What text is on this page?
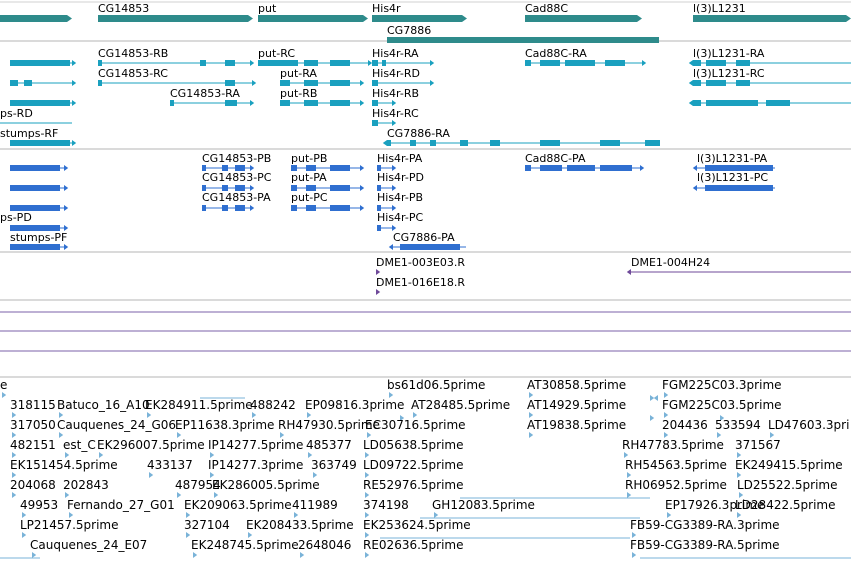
CG14853	put	His4r	Cad88C	l(3)L1231
CG7886
CG14853-RB	put-RC	His4r-RA	Cad88C-RA	l(3)L1231-RA
CG14853-RC	put-RA	His4r-RD	l(3)L1231-RC
CG14853-RA	put-RB	His4r-RB
ps-RD	His4r-RC
stumps-RF	CG7886-RA
CG14853-PB put-PB	His4r-PA	Cad88C-PA	l(3)L1231-PA
CG14853-PC put-PA	His4r-PD	l(3)L1231-PC
CG14853-PA put-PC	His4r-PB
ps-PD	His4r-PC
stumps-PF	CG7886-PA
DME1-003E03.R	DME1-004H24
DME1-016E18.R
e	bs61d06.5prime	AT30858.5prime	FGM225C03.3prime
318115 Batuco_16_A10
EK284911.5prime
488242 EP09816.3prime AT28485.5prime AT14929.5prime	FGM225C03.5prime
317050 Cauquenes_24_G06
EP11638.3prime RH47930.5prime
EC30716.5prime	AT19838.5prime	204436 533594 LD47603.3pri
482151 est_C EK296007.5prime IP14277.5prime 485377 LD05638.5prime	RH47783.5prime 371567
EK151454.5prime 433137 IP14277.3prime 363749 LD09722.5prime	RH54563.5prime EK249415.5prime
204068 202843	487954
EK286005.5prime	RE52976.5prime	RH06952.5prime LD25522.5prime
49953 Fernando_27_G01 EK209063.5prime 411989 374198 GH12083.5prime	EP17926.3prime
LD28422.5prime
LP21457.5prime	327104 EK208433.5prime EK253624.5prime	FB59-CG3389-RA.3prime
Cauquenes_24_E07	EK248745.5prime 2648046 RE02636.5prime	FB59-CG3389-RA.5prime
